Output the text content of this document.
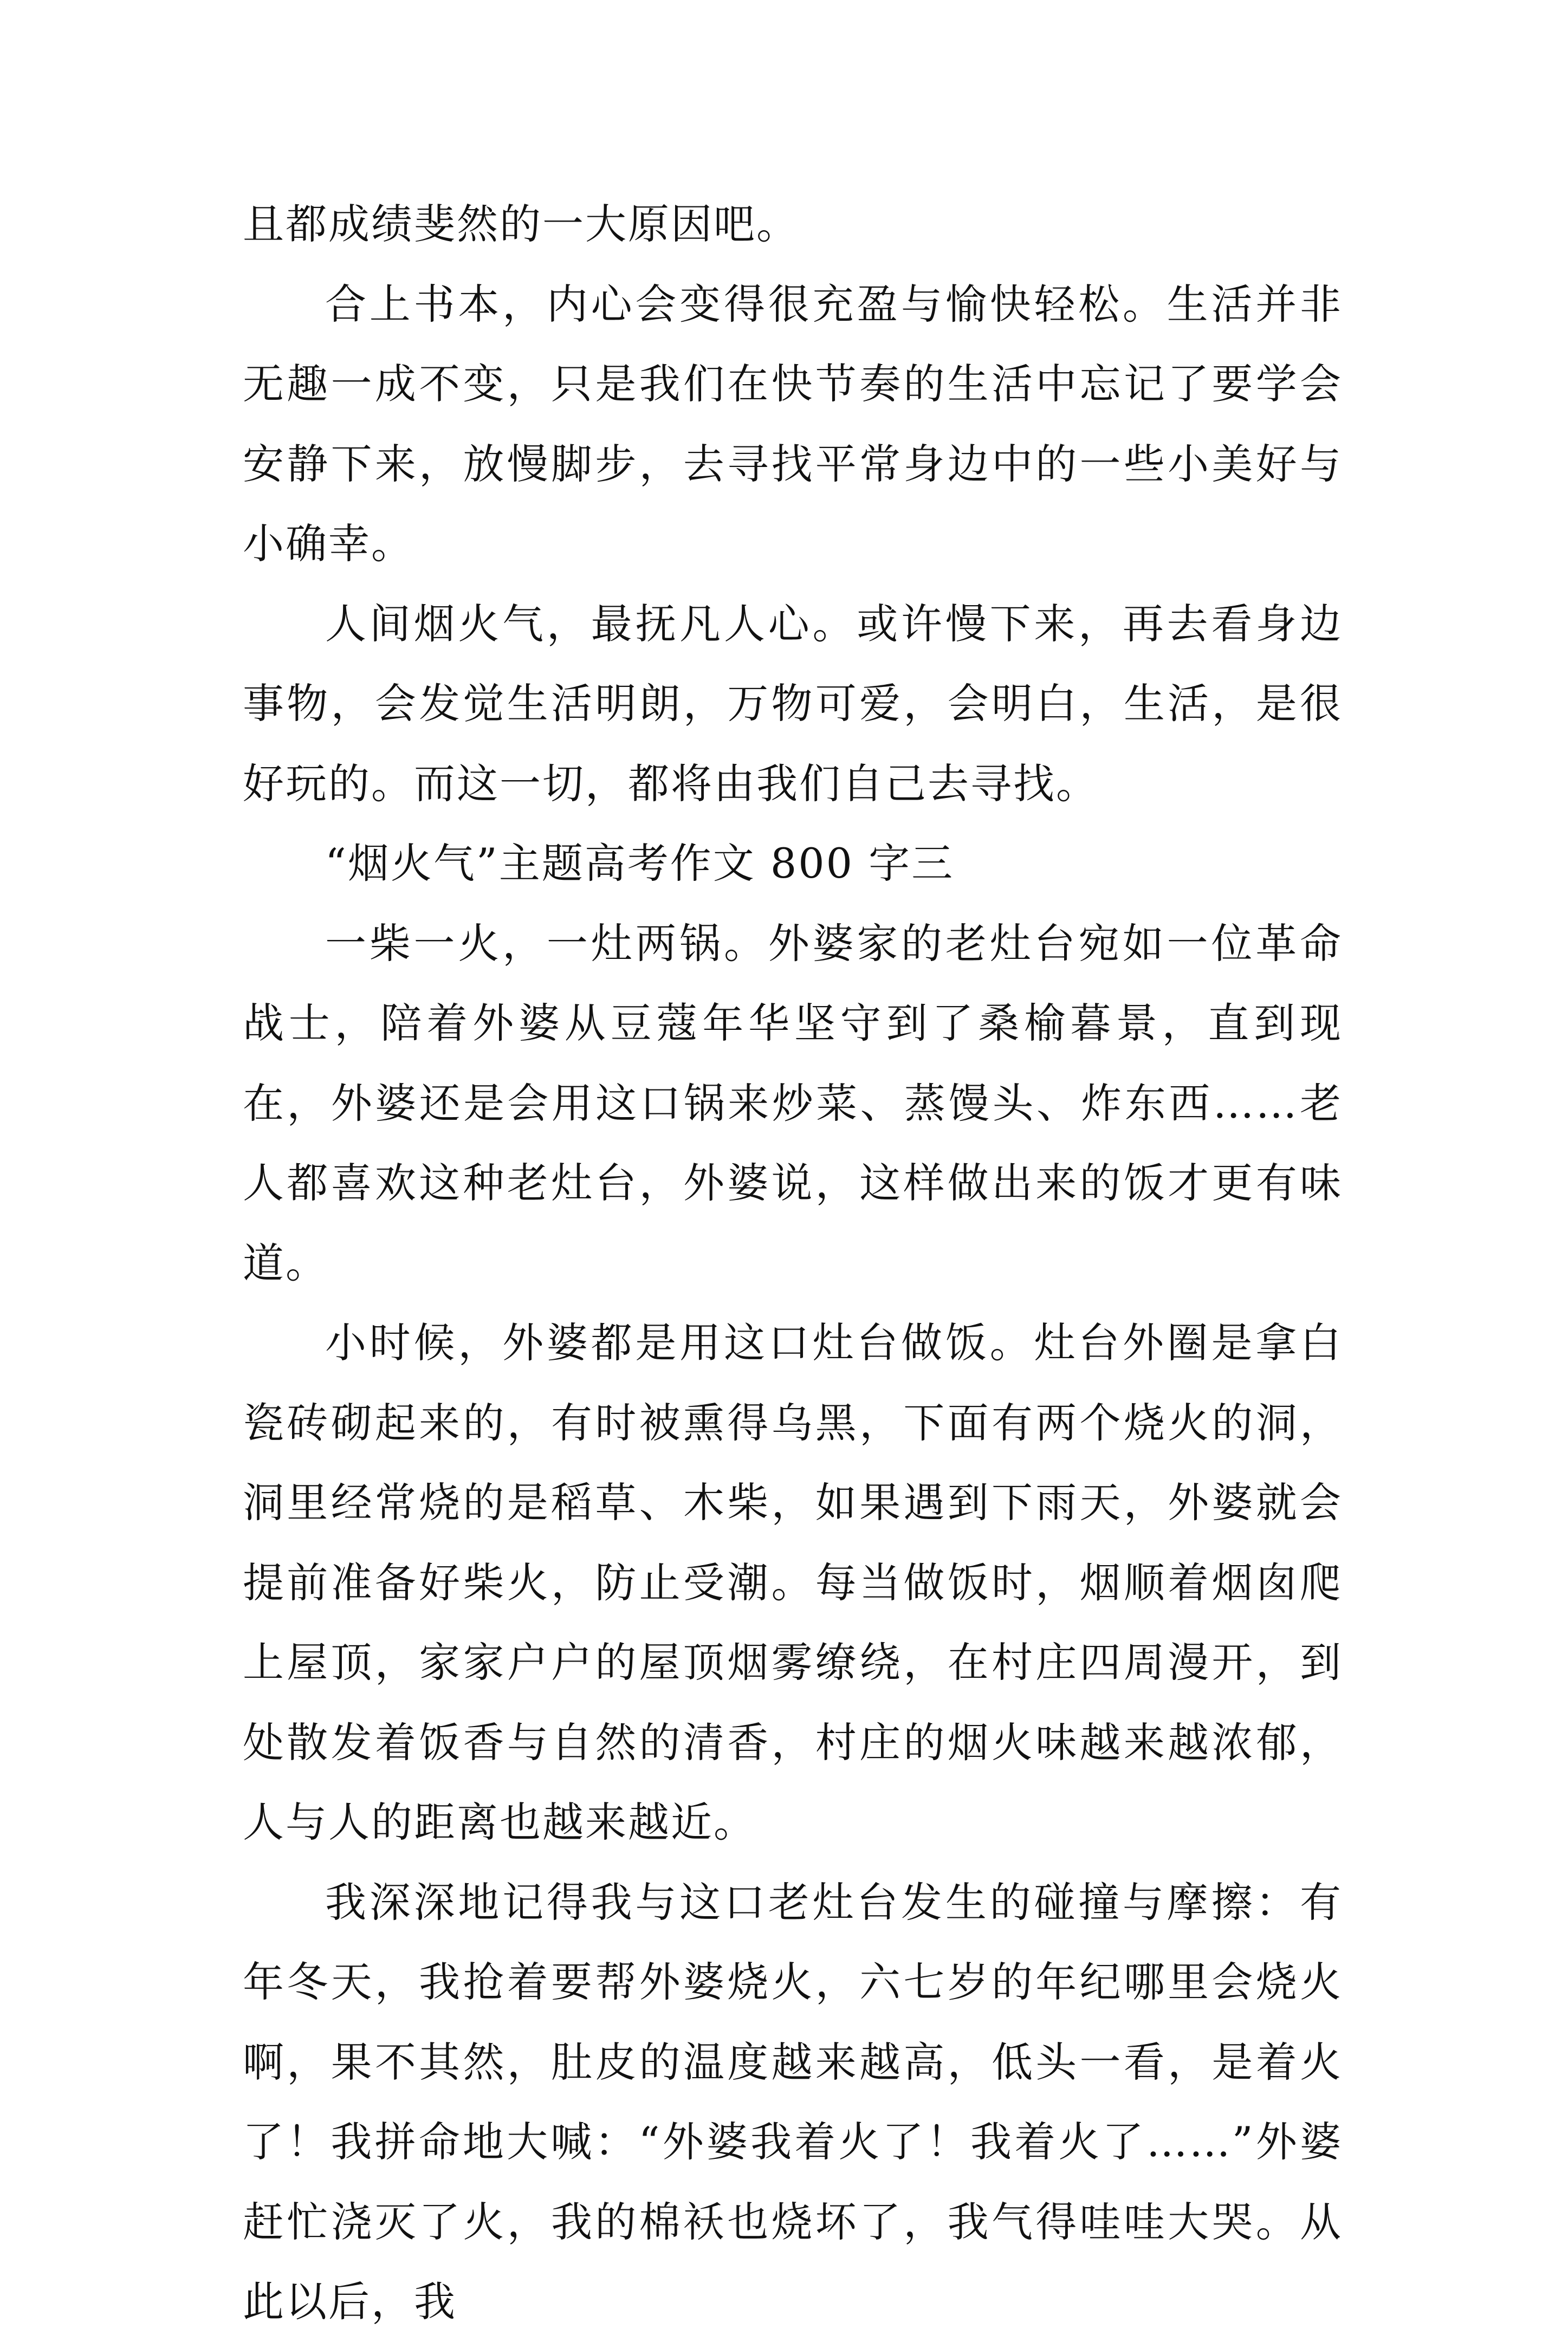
且都成绩斐然的一大原因吧。

合上书本，内心会变得很充盈与愉快轻松。生活并非无趣一成不变，只是我们在快节奏的生活中忘记了要学会安静下来，放慢脚步，去寻找平常身边中的一些小美好与小确幸。

人间烟火气，最抚凡人心。或许慢下来，再去看身边事物，会发觉生活明朗，万物可爱，会明白，生活，是很好玩的。而这一切，都将由我们自己去寻找。

“烟火气”主题高考作文 800 字三

一柴一火，一灶两锅。外婆家的老灶台宛如一位革命战士，陪着外婆从豆蔻年华坚守到了桑榆暮景，直到现在，外婆还是会用这口锅来炒菜、蒸馒头、炸东西……老人都喜欢这种老灶台，外婆说，这样做出来的饭才更有味道。

小时候，外婆都是用这口灶台做饭。灶台外圈是拿白瓷砖砌起来的，有时被熏得乌黑，下面有两个烧火的洞，洞里经常烧的是稻草、木柴，如果遇到下雨天，外婆就会提前准备好柴火，防止受潮。每当做饭时，烟顺着烟囱爬上屋顶，家家户户的屋顶烟雾缭绕，在村庄四周漫开，到处散发着饭香与自然的清香，村庄的烟火味越来越浓郁，人与人的距离也越来越近。

我深深地记得我与这口老灶台发生的碰撞与摩擦：有年冬天，我抢着要帮外婆烧火，六七岁的年纪哪里会烧火啊，果不其然，肚皮的温度越来越高，低头一看，是着火了！我拼命地大喊：“外婆我着火了！我着火了……”外婆赶忙浇灭了火，我的棉袄也烧坏了，我气得哇哇大哭。从此以后，我
